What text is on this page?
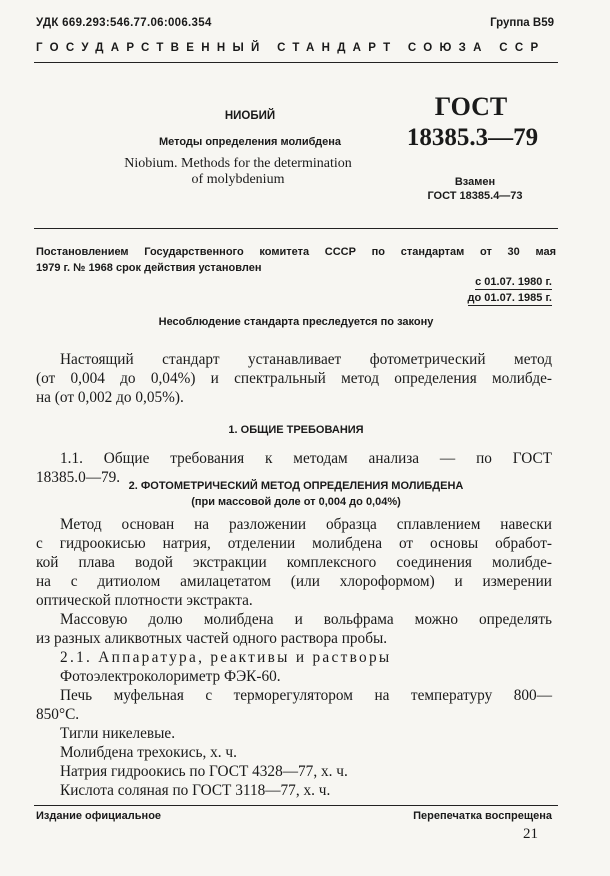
УДК 669.293:546.77.06:006.354	Группа В59
ГОСУДАРСТВЕННЫЙ СТАНДАРТ СОЮЗА ССР
НИОБИЙ
Методы определения молибдена
Niobium. Methods for the determination
of molybdenium
ГОСТ
18385.3—79
Взамен
ГОСТ 18385.4—73
Постановлением Государственного комитета СССР по стандартам от 30 мая
1979 г. № 1968 срок действия установлен
с 01.07. 1980 г.
до 01.07. 1985 г.
Несоблюдение стандарта преследуется по закону
Настоящий стандарт устанавливает фотометрический метод
(от 0,004 до 0,04%) и спектральный метод определения молибде-
на (от 0,002 до 0,05%).
1. ОБЩИЕ ТРЕБОВАНИЯ
1.1. Общие требования к методам анализа — по ГОСТ
18385.0—79. 2. ФОТОМЕТРИЧЕСКИЙ МЕТОД ОПРЕДЕЛЕНИЯ МОЛИБДЕНА
(при массовой доле от 0,004 до 0,04%)
Метод основан на разложении образца сплавлением навески
с гидроокисью натрия, отделении молибдена от основы обработ-
кой плава водой экстракции комплексного соединения молибде-
на с дитиолом амилацетатом (или хлороформом) и измерении
оптической плотности экстракта.
Массовую долю молибдена и вольфрама можно определять
из разных аликвотных частей одного раствора пробы.
2.1. Аппаратура, реактивы и растворы
Фотоэлектроколориметр ФЭК-60.
Печь муфельная с терморегулятором на температуру 800—
850°С.
Тигли никелевые.
Молибдена трехокись, х. ч.
Натрия гидроокись по ГОСТ 4328—77, х. ч.
Издание официальное	Перепечатка воспрещена
21
Кислота соляная по ГОСТ 3118—77, х. ч.
